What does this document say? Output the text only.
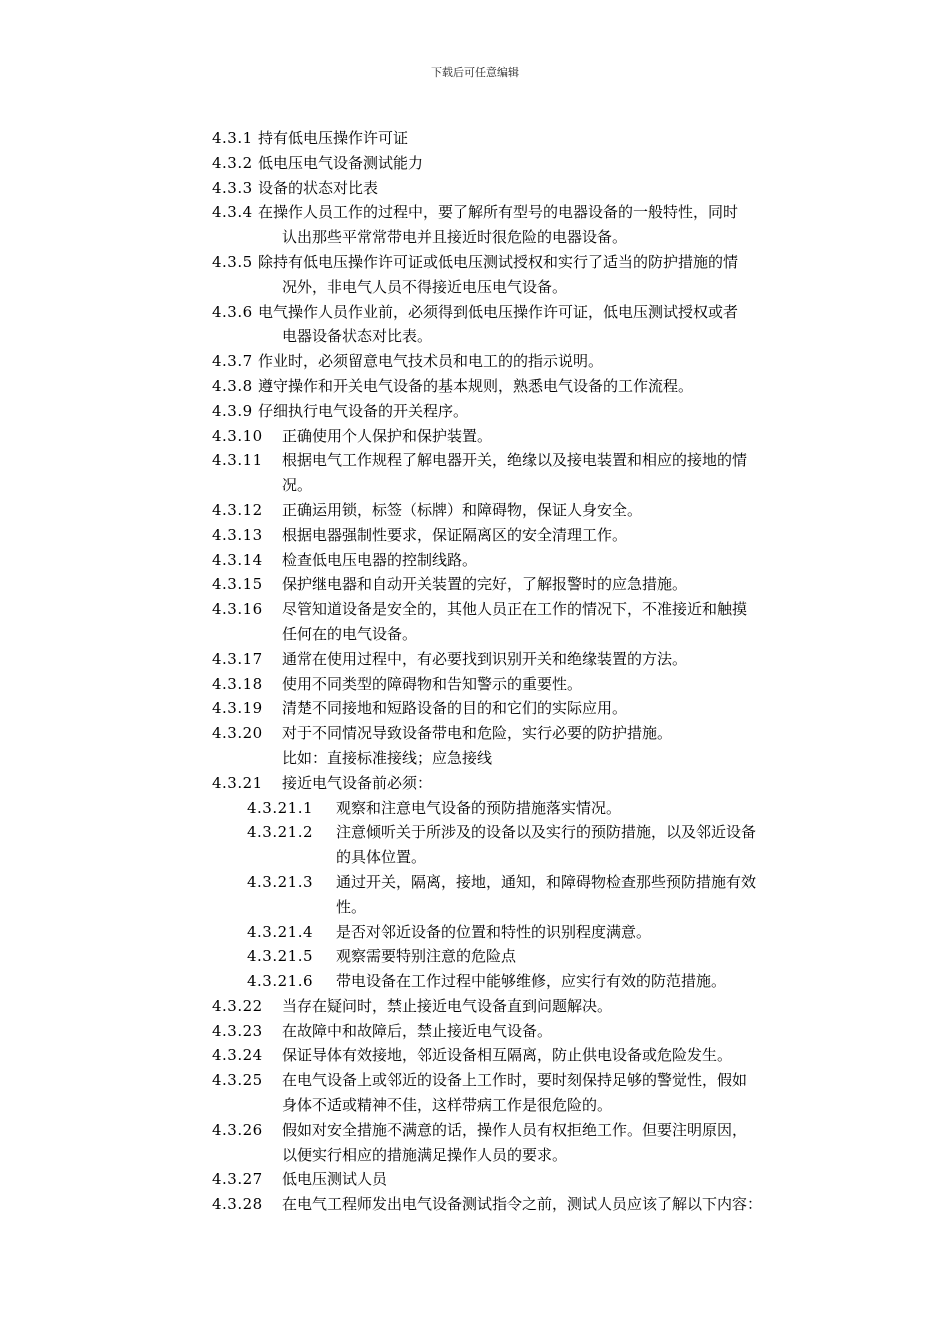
下载后可任意编辑
4.3.1 持有低电压操作许可证
4.3.2 低电压电气设备测试能力
4.3.3 设备的状态对比表
4.3.4 在操作人员工作的过程中，要了解所有型号的电器设备的一般特性，同时
认出那些平常常带电并且接近时很危险的电器设备。
4.3.5 除持有低电压操作许可证或低电压测试授权和实行了适当的防护措施的情
况外，非电气人员不得接近电压电气设备。
4.3.6 电气操作人员作业前，必须得到低电压操作许可证，低电压测试授权或者
电器设备状态对比表。
4.3.7 作业时，必须留意电气技术员和电工的的指示说明。
4.3.8 遵守操作和开关电气设备的基本规则，熟悉电气设备的工作流程。
4.3.9 仔细执行电气设备的开关程序。
4.3.10 正确使用个人保护和保护装置。
4.3.11 根据电气工作规程了解电器开关，绝缘以及接电装置和相应的接地的情
况。
4.3.12 正确运用锁，标签（标牌）和障碍物，保证人身安全。
4.3.13 根据电器强制性要求，保证隔离区的安全清理工作。
4.3.14 检查低电压电器的控制线路。
4.3.15 保护继电器和自动开关装置的完好，了解报警时的应急措施。
4.3.16 尽管知道设备是安全的，其他人员正在工作的情况下，不准接近和触摸
任何在的电气设备。
4.3.17 通常在使用过程中，有必要找到识别开关和绝缘装置的方法。
4.3.18 使用不同类型的障碍物和告知警示的重要性。
4.3.19 清楚不同接地和短路设备的目的和它们的实际应用。
4.3.20 对于不同情况导致设备带电和危险，实行必要的防护措施。
比如：直接标准接线；应急接线
4.3.21 接近电气设备前必须：
4.3.21.1 观察和注意电气设备的预防措施落实情况。
4.3.21.2 注意倾听关于所涉及的设备以及实行的预防措施，以及邻近设备
的具体位置。
4.3.21.3 通过开关，隔离，接地，通知，和障碍物检查那些预防措施有效
性。
4.3.21.4 是否对邻近设备的位置和特性的识别程度满意。
4.3.21.5 观察需要特别注意的危险点
4.3.21.6 带电设备在工作过程中能够维修，应实行有效的防范措施。
4.3.22 当存在疑问时，禁止接近电气设备直到问题解决。
4.3.23 在故障中和故障后，禁止接近电气设备。
4.3.24 保证导体有效接地，邻近设备相互隔离，防止供电设备或危险发生。
4.3.25 在电气设备上或邻近的设备上工作时，要时刻保持足够的警觉性，假如
身体不适或精神不佳，这样带病工作是很危险的。
4.3.26 假如对安全措施不满意的话，操作人员有权拒绝工作。但要注明原因，
以便实行相应的措施满足操作人员的要求。
4.3.27 低电压测试人员
4.3.28 在电气工程师发出电气设备测试指令之前，测试人员应该了解以下内容：
